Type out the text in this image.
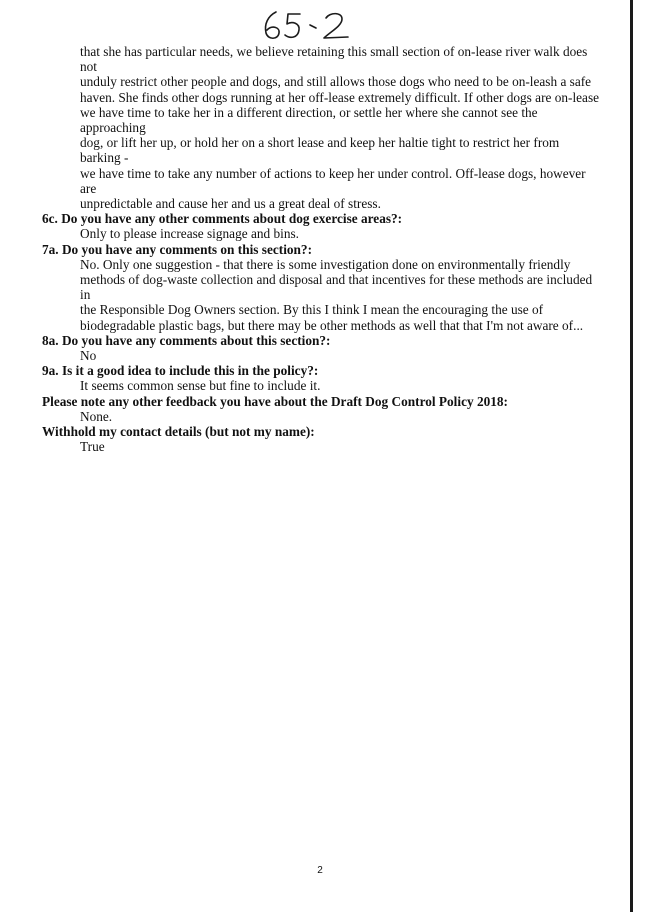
that she has particular needs, we believe retaining this small section of on-lease river walk does not

unduly restrict other people and dogs, and still allows those dogs who need to be on-leash a safe

haven. She finds other dogs running at her off-lease extremely difficult. If other dogs are on-lease

we have time to take her in a different direction, or settle her where she cannot see the approaching

dog, or lift her up, or hold her on a short lease and keep her haltie tight to restrict her from barking -

we have time to take any number of actions to keep her under control. Off-lease dogs, however are

unpredictable and cause her and us a great deal of stress.

6c. Do you have any other comments about dog exercise areas?:

Only to please increase signage and bins.

7a. Do you have any comments on this section?:

No. Only one suggestion - that there is some investigation done on environmentally friendly

methods of dog-waste collection and disposal and that incentives for these methods are included in

the Responsible Dog Owners section. By this I think I mean the encouraging the use of

biodegradable plastic bags, but there may be other methods as well that that I'm not aware of...

8a. Do you have any comments about this section?:

No

9a. Is it a good idea to include this in the policy?:

It seems common sense but fine to include it.

Please note any other feedback you have about the Draft Dog Control Policy 2018:

None.

Withhold my contact details (but not my name):

True

2
